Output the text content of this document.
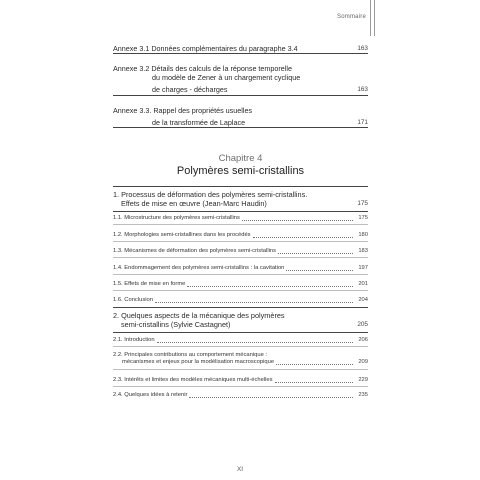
Sommaire
Annexe 3.1 Données complémentaires du paragraphe 3.4	163
Annexe 3.2 Détails des calculs de la réponse temporelle
du modèle de Zener à un chargement cyclique
de charges - décharges	163
Annexe 3.3. Rappel des propriétés usuelles
de la transformée de Laplace	171
Chapitre 4
Polymères semi-cristallins
1. Processus de déformation des polymères semi-cristallins.
Effets de mise en œuvre (Jean-Marc Haudin)	175
1.1. Microstructure des polymères semi-cristallins	175
1.2. Morphologies semi-cristallines dans les procédés	180
1.3. Mécanismes de déformation des polymères semi-cristallins	183
1.4. Endommagement des polymères semi-cristallins : la cavitation	197
1.5. Effets de mise en forme	201
1.6. Conclusion	204
2. Quelques aspects de la mécanique des polymères
semi-cristallins (Sylvie Castagnet)	205
2.1. Introduction	206
2.2. Principales contributions au comportement mécanique :
mécanismes et enjeux pour la modélisation macroscopique	209
2.3. Intérêts et limites des modèles mécaniques multi-échelles	229
2.4. Quelques idées à retenir	235
XI
